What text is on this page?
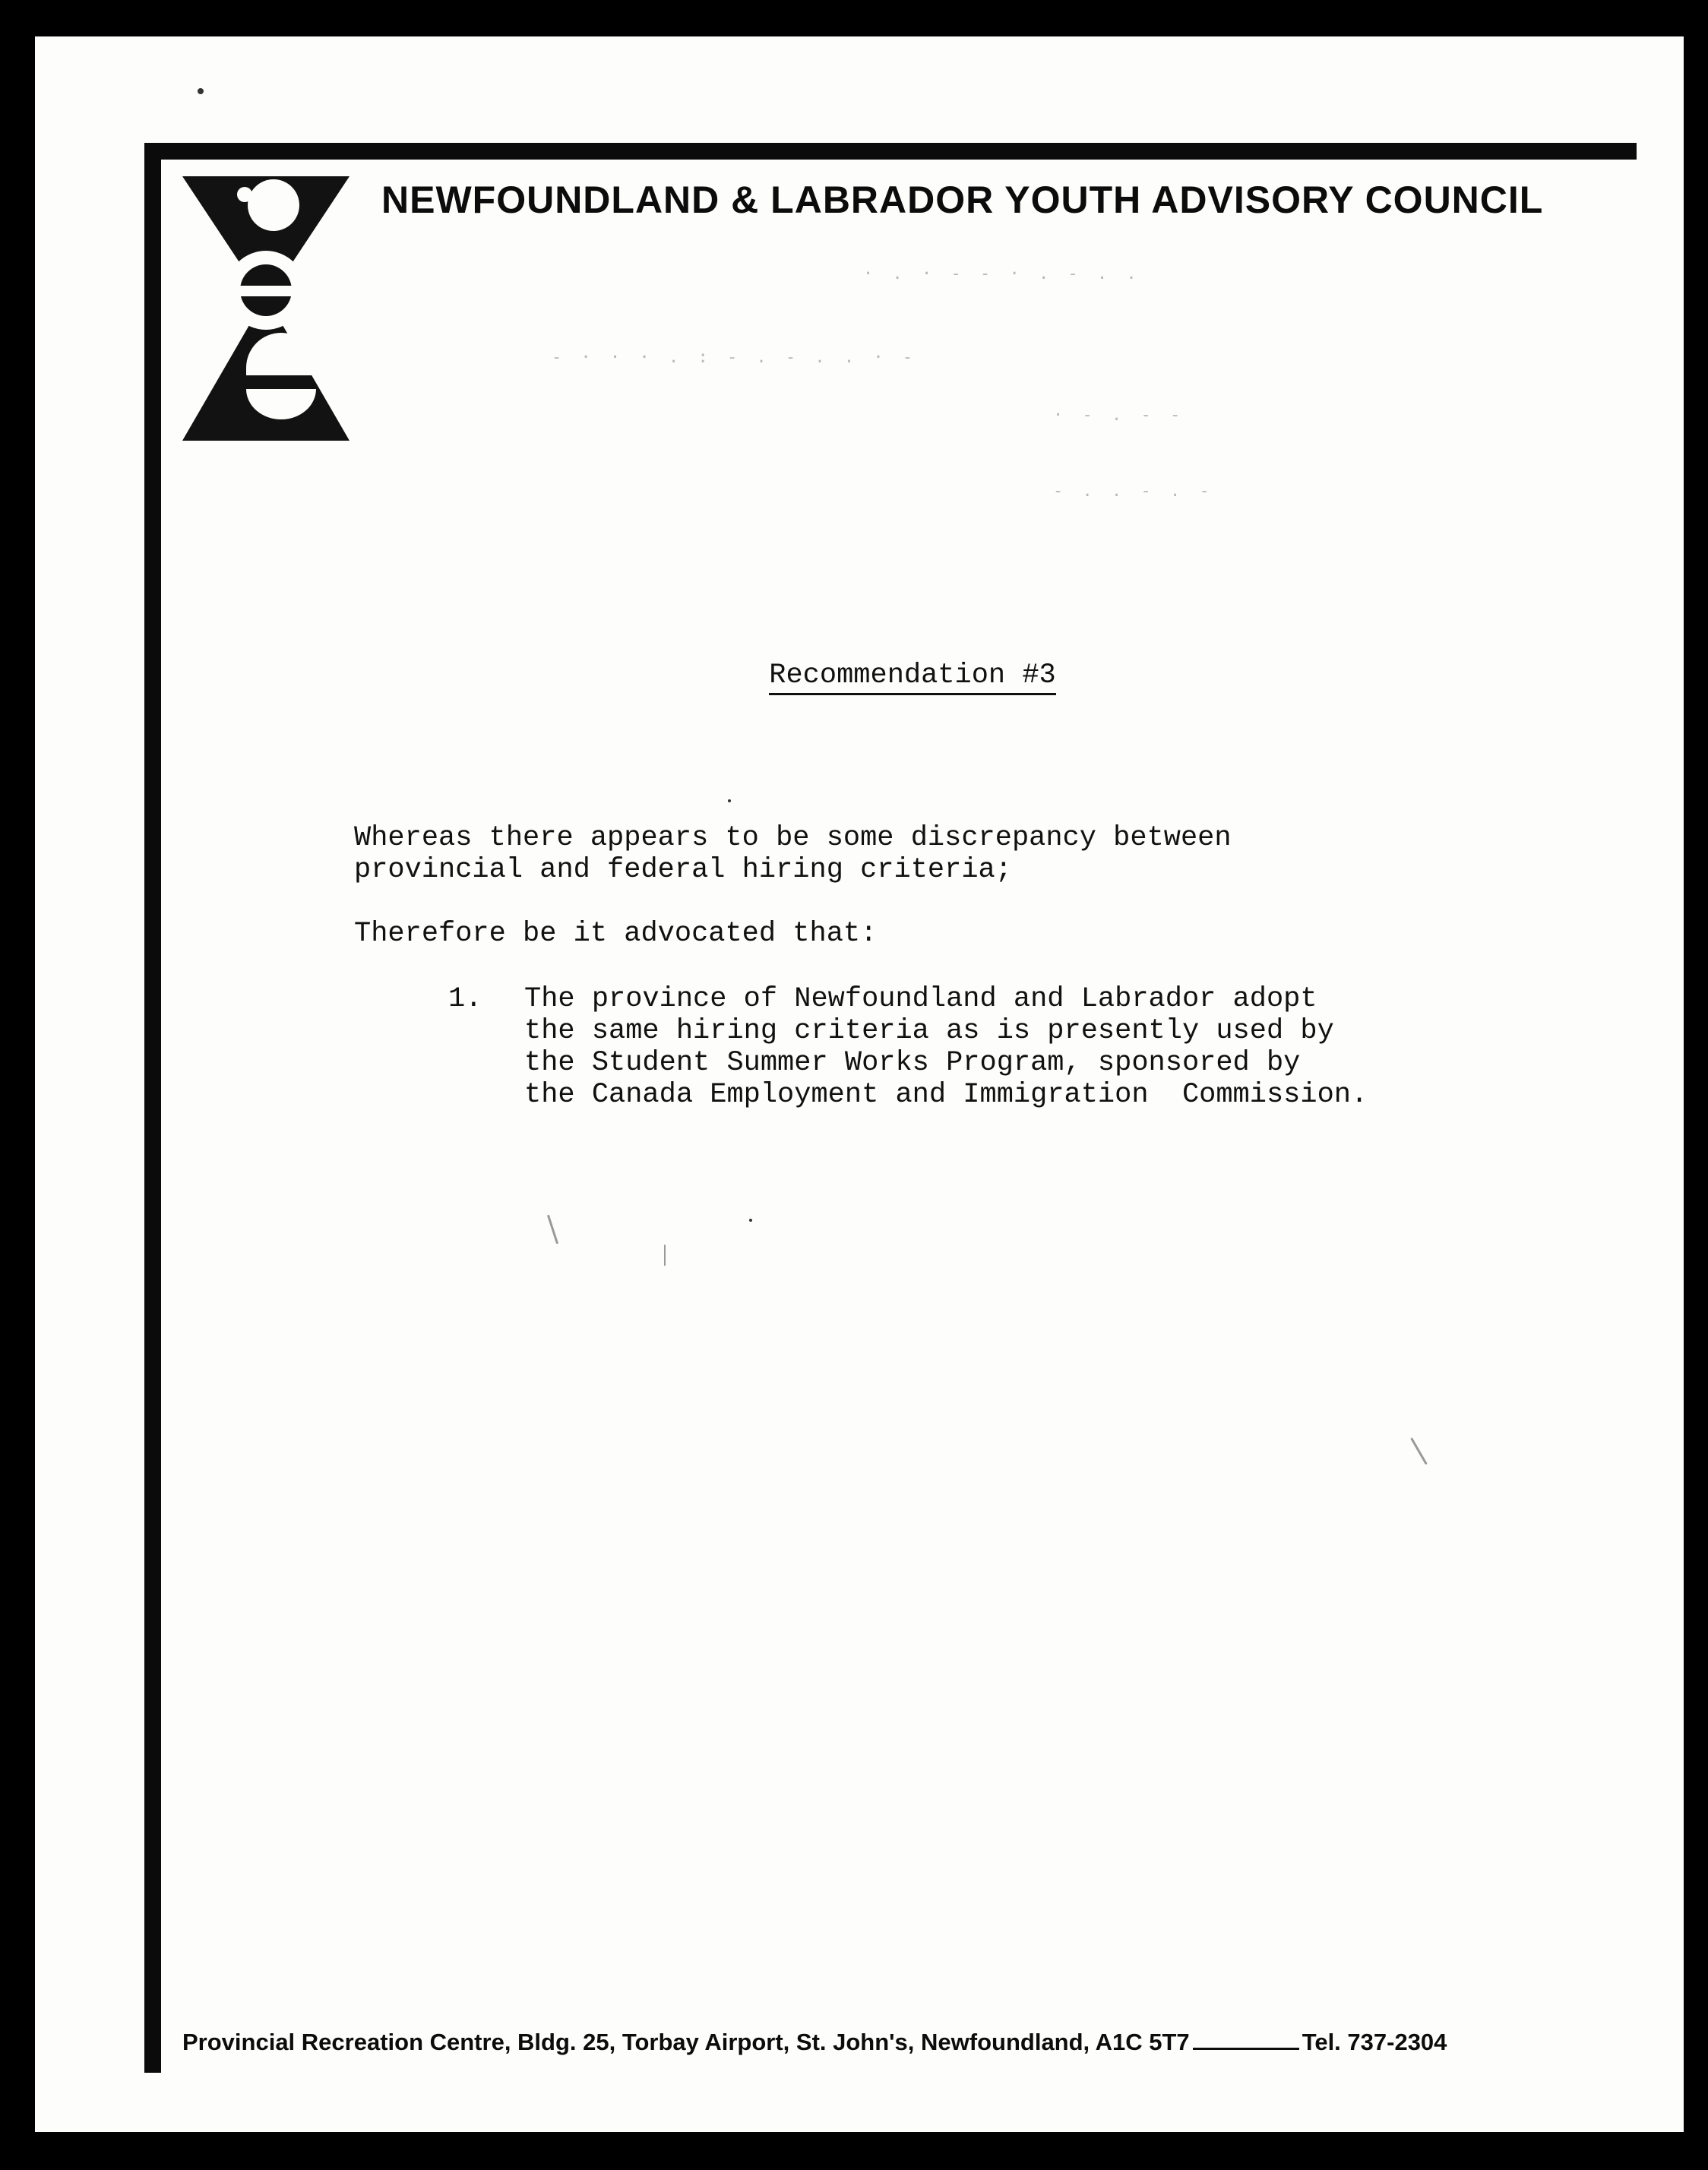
NEWFOUNDLAND & LABRADOR YOUTH ADVISORY COUNCIL
· . · - - · . - . .
- · · · . : - . - . . · -
· - . - -
- . . - . -
Recommendation #3
Whereas there appears to be some discrepancy between
provincial and federal hiring criteria;
Therefore be it advocated that:
1. The province of Newfoundland and Labrador adopt
the same hiring criteria as is presently used by
the Student Summer Works Program, sponsored by
the Canada Employment and Immigration  Commission.
Provincial Recreation Centre, Bldg. 25, Torbay Airport, St. John's, Newfoundland, A1C 5T7	Tel. 737-2304
